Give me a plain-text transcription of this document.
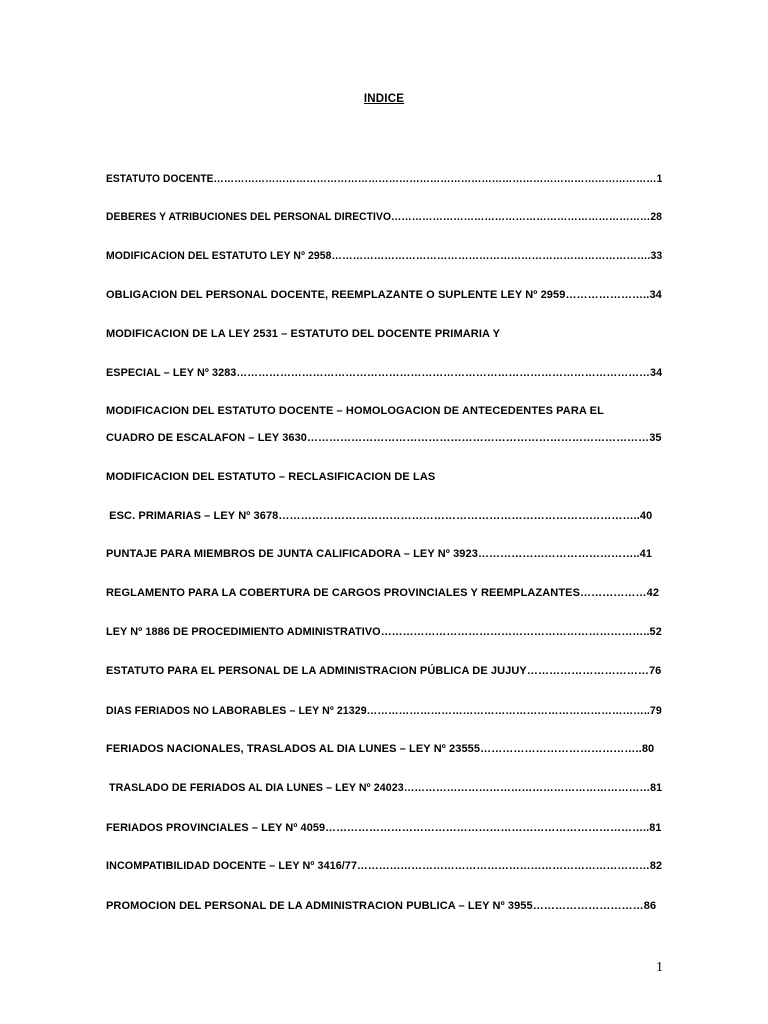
INDICE
ESTATUTO DOCENTE…………………………………………………………………………………………………………………1
DEBERES Y ATRIBUCIONES DEL PERSONAL DIRECTIVO…………………………………………………………………28
MODIFICACION DEL ESTATUTO LEY Nº 2958……………………………………………………………………………….33
OBLIGACION DEL PERSONAL DOCENTE, REEMPLAZANTE O SUPLENTE LEY Nº 2959…………………..34
MODIFICACION DE LA LEY 2531 – ESTATUTO DEL DOCENTE PRIMARIA Y
ESPECIAL – LEY Nº 3283……………………………………………………………………………………………………34
MODIFICACION DEL ESTATUTO DOCENTE – HOMOLOGACION DE ANTECEDENTES PARA EL
CUADRO DE ESCALAFON – LEY 3630…………………………………………………………………………………35
MODIFICACION DEL ESTATUTO – RECLASIFICACION DE LAS
ESC. PRIMARIAS – LEY Nº 3678……………………………………………………………………………………..40
PUNTAJE PARA MIEMBROS DE JUNTA CALIFICADORA – LEY Nº 3923……………………………………..41
REGLAMENTO PARA LA COBERTURA DE CARGOS PROVINCIALES Y REEMPLAZANTES………………42
LEY Nº 1886 DE PROCEDIMIENTO ADMINISTRATIVO………………………………………………………………..52
ESTATUTO PARA EL PERSONAL DE LA ADMINISTRACION PÚBLICA DE JUJUY……………………………76
DIAS FERIADOS NO LABORABLES – LEY Nº 21329……………………………………………………………………..79
FERIADOS NACIONALES, TRASLADOS AL DIA LUNES – LEY Nº 23555……………………………………..80
TRASLADO DE FERIADOS AL DIA LUNES – LEY Nº 24023……………………………………………………………81
FERIADOS PROVINCIALES – LEY Nº 4059……………………………………………………………………………..81
INCOMPATIBILIDAD DOCENTE – LEY Nº 3416/77………………………………………………………………………82
PROMOCION DEL PERSONAL DE LA ADMINISTRACION PUBLICA – LEY Nº 3955…………………………86
1
